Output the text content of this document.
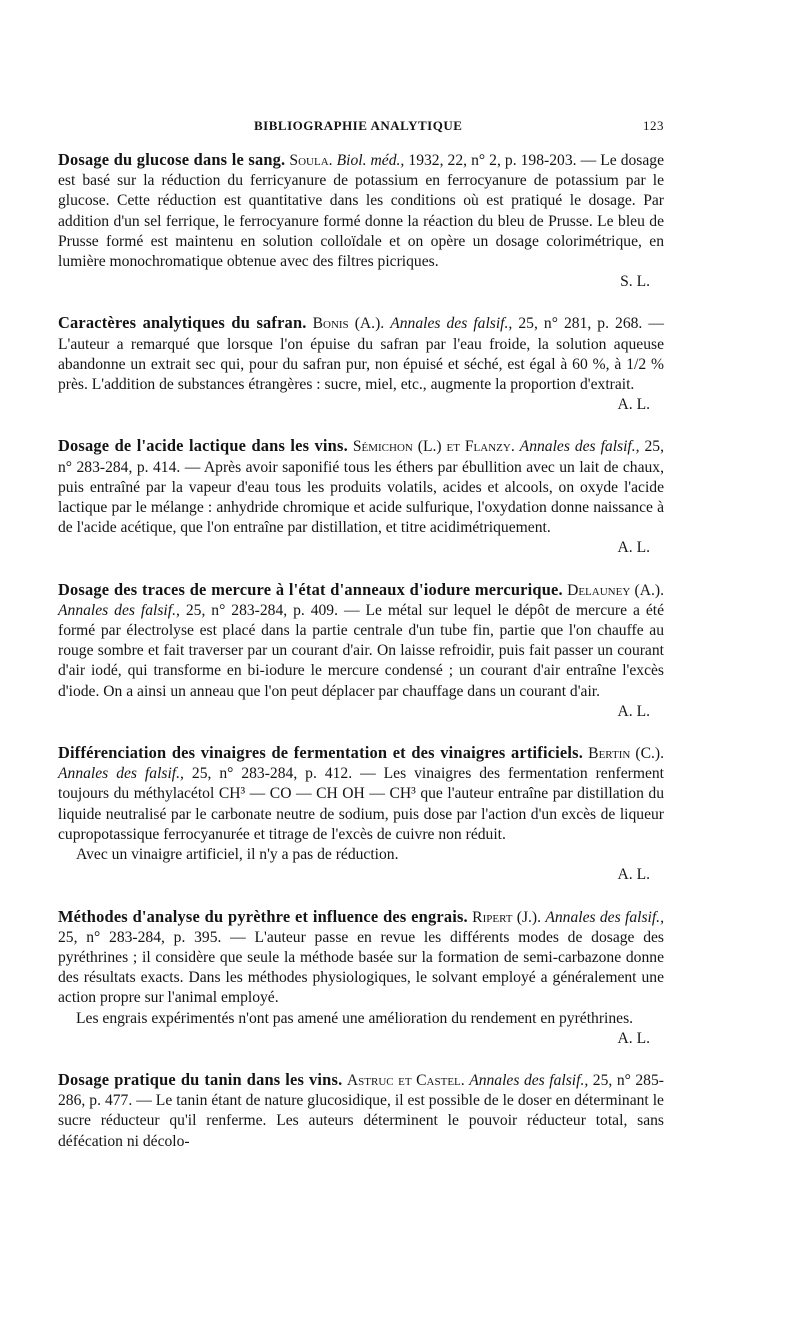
BIBLIOGRAPHIE ANALYTIQUE	123

Dosage du glucose dans le sang. Soula. Biol. méd., 1932, 22, n° 2, p. 198-203. — Le dosage est basé sur la réduction du ferricyanure de potassium en ferrocyanure de potassium par le glucose. Cette réduction est quantitative dans les conditions où est pratiqué le dosage. Par addition d'un sel ferrique, le ferrocyanure formé donne la réaction du bleu de Prusse. Le bleu de Prusse formé est maintenu en solution colloïdale et on opère un dosage colorimétrique, en lumière monochromatique obtenue avec des filtres picriques.

S. L.

Caractères analytiques du safran. Bonis (A.). Annales des falsif., 25, n° 281, p. 268. — L'auteur a remarqué que lorsque l'on épuise du safran par l'eau froide, la solution aqueuse abandonne un extrait sec qui, pour du safran pur, non épuisé et séché, est égal à 60 %, à 1/2 % près. L'addition de substances étrangères : sucre, miel, etc., augmente la proportion d'extrait.

A. L.

Dosage de l'acide lactique dans les vins. Sémichon (L.) et Flanzy. Annales des falsif., 25, n° 283-284, p. 414. — Après avoir saponifié tous les éthers par ébullition avec un lait de chaux, puis entraîné par la vapeur d'eau tous les produits volatils, acides et alcools, on oxyde l'acide lactique par le mélange : anhydride chromique et acide sulfurique, l'oxydation donne naissance à de l'acide acétique, que l'on entraîne par distillation, et titre acidimétriquement.

A. L.

Dosage des traces de mercure à l'état d'anneaux d'iodure mercurique. Delauney (A.). Annales des falsif., 25, n° 283-284, p. 409. — Le métal sur lequel le dépôt de mercure a été formé par électrolyse est placé dans la partie centrale d'un tube fin, partie que l'on chauffe au rouge sombre et fait traverser par un courant d'air. On laisse refroidir, puis fait passer un courant d'air iodé, qui transforme en bi-iodure le mercure condensé ; un courant d'air entraîne l'excès d'iode. On a ainsi un anneau que l'on peut déplacer par chauffage dans un courant d'air.

A. L.

Différenciation des vinaigres de fermentation et des vinaigres artificiels. Bertin (C.). Annales des falsif., 25, n° 283-284, p. 412. — Les vinaigres des fermentation renferment toujours du méthylacétol CH³ — CO — CH OH — CH³ que l'auteur entraîne par distillation du liquide neutralisé par le carbonate neutre de sodium, puis dose par l'action d'un excès de liqueur cupropotassique ferrocyanurée et titrage de l'excès de cuivre non réduit.

Avec un vinaigre artificiel, il n'y a pas de réduction.

A. L.

Méthodes d'analyse du pyrèthre et influence des engrais. Ripert (J.). Annales des falsif., 25, n° 283-284, p. 395. — L'auteur passe en revue les différents modes de dosage des pyréthrines ; il considère que seule la méthode basée sur la formation de semi-carbazone donne des résultats exacts. Dans les méthodes physiologiques, le solvant employé a généralement une action propre sur l'animal employé.

Les engrais expérimentés n'ont pas amené une amélioration du rendement en pyréthrines.

A. L.

Dosage pratique du tanin dans les vins. Astruc et Castel. Annales des falsif., 25, n° 285-286, p. 477. — Le tanin étant de nature glucosidique, il est possible de le doser en déterminant le sucre réducteur qu'il renferme. Les auteurs déterminent le pouvoir réducteur total, sans défécation ni décolo-
